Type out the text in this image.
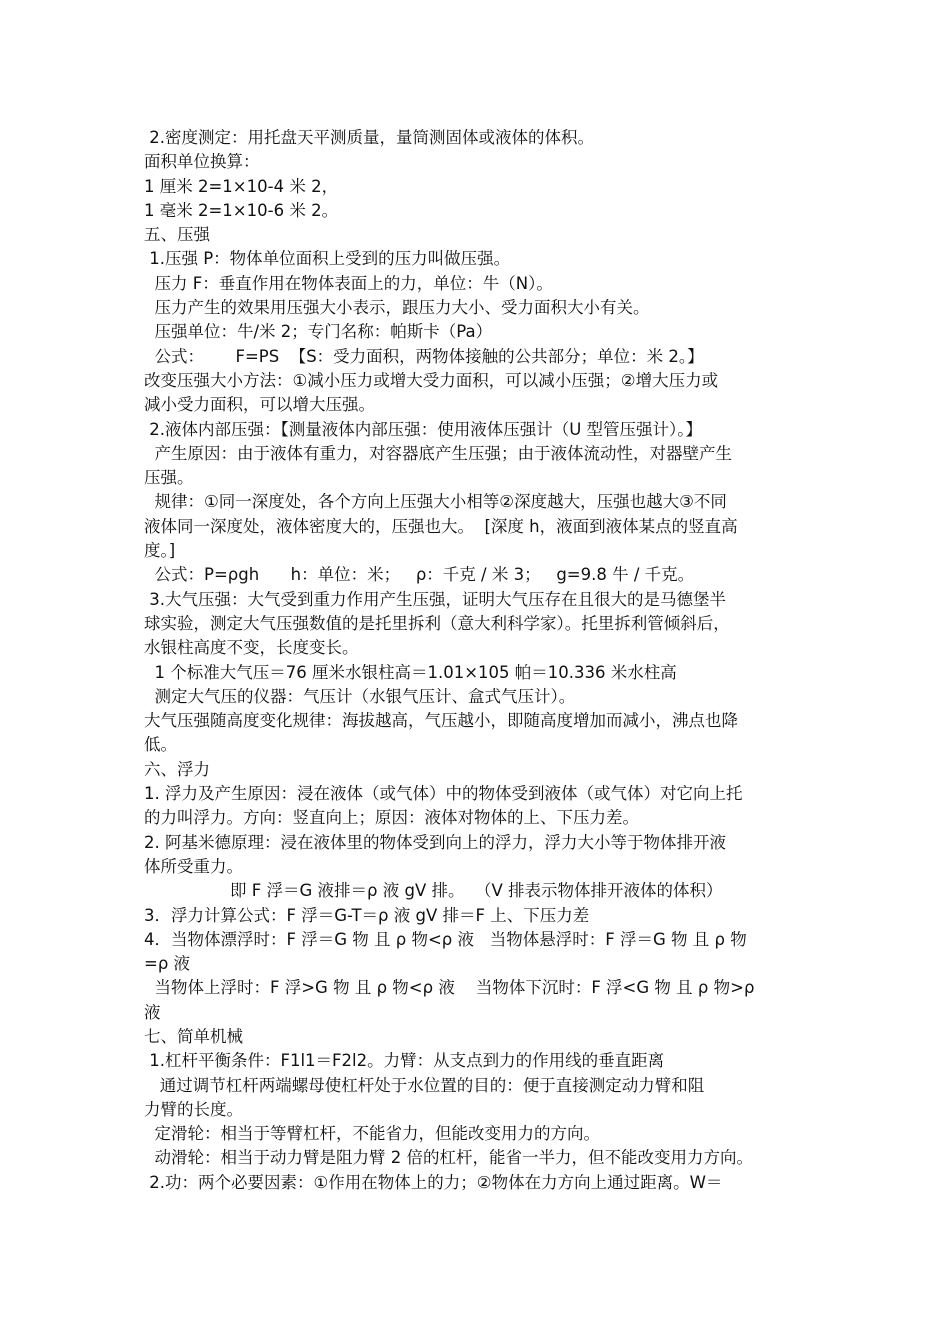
2.密度测定：用托盘天平测质量，量筒测固体或液体的体积。
面积单位换算：
1 厘米 2=1×10-4 米 2，
1 毫米 2=1×10-6 米 2。
五、压强
1.压强 P：物体单位面积上受到的压力叫做压强。
压力 F：垂直作用在物体表面上的力，单位：牛（N）。
压力产生的效果用压强大小表示，跟压力大小、受力面积大小有关。
压强单位：牛/米 2；专门名称：帕斯卡（Pa）
公式：      F=PS  【S：受力面积，两物体接触的公共部分；单位：米 2。】
改变压强大小方法：①减小压力或增大受力面积，可以减小压强；②增大压力或
减小受力面积，可以增大压强。
2.液体内部压强：【测量液体内部压强：使用液体压强计（U 型管压强计）。】
产生原因：由于液体有重力，对容器底产生压强；由于液体流动性，对器壁产生
压强。
规律：①同一深度处，各个方向上压强大小相等②深度越大，压强也越大③不同
液体同一深度处，液体密度大的，压强也大。  [深度 h，液面到液体某点的竖直高
度。]
公式：P=ρgh      h：单位：米；   ρ：千克 / 米 3；   g=9.8 牛 / 千克。
3.大气压强：大气受到重力作用产生压强，证明大气压存在且很大的是马德堡半
球实验，测定大气压强数值的是托里拆利（意大利科学家）。托里拆利管倾斜后，
水银柱高度不变，长度变长。
1 个标准大气压＝76 厘米水银柱高＝1.01×105 帕＝10.336 米水柱高
测定大气压的仪器：气压计（水银气压计、盒式气压计）。
大气压强随高度变化规律：海拔越高，气压越小，即随高度增加而减小，沸点也降
低。
六、浮力
1. 浮力及产生原因：浸在液体（或气体）中的物体受到液体（或气体）对它向上托
的力叫浮力。方向：竖直向上；原因：液体对物体的上、下压力差。
2. 阿基米德原理：浸在液体里的物体受到向上的浮力，浮力大小等于物体排开液
体所受重力。
即 F 浮＝G 液排＝ρ 液 gV 排。  （V 排表示物体排开液体的体积）
3．浮力计算公式：F 浮＝G-T＝ρ 液 gV 排＝F 上、下压力差
4．当物体漂浮时：F 浮＝G 物 且 ρ 物<ρ 液   当物体悬浮时：F 浮＝G 物 且 ρ 物
=ρ 液
当物体上浮时：F 浮>G 物 且 ρ 物<ρ 液    当物体下沉时：F 浮<G 物 且 ρ 物>ρ
液
七、简单机械
1.杠杆平衡条件：F1l1＝F2l2。力臂：从支点到力的作用线的垂直距离
通过调节杠杆两端螺母使杠杆处于水位置的目的：便于直接测定动力臂和阻
力臂的长度。
定滑轮：相当于等臂杠杆，不能省力，但能改变用力的方向。
动滑轮：相当于动力臂是阻力臂 2 倍的杠杆，能省一半力，但不能改变用力方向。
2.功：两个必要因素：①作用在物体上的力；②物体在力方向上通过距离。W＝
